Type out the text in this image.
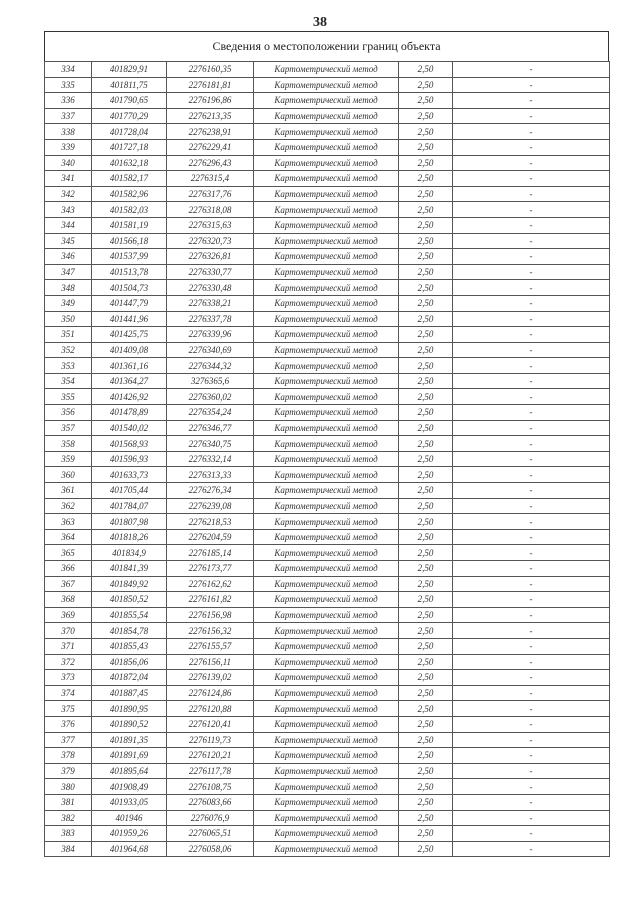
38
Сведения о местоположении границ объекта
334	401829,91	2276160,35	Картометрический метод	2,50	-
335	401811,75	2276181,81	Картометрический метод	2,50	-
336	401790,65	2276196,86	Картометрический метод	2,50	-
337	401770,29	2276213,35	Картометрический метод	2,50	-
338	401728,04	2276238,91	Картометрический метод	2,50	-
339	401727,18	2276229,41	Картометрический метод	2,50	-
340	401632,18	2276296,43	Картометрический метод	2,50	-
341	401582,17	2276315,4	Картометрический метод	2,50	-
342	401582,96	2276317,76	Картометрический метод	2,50	-
343	401582,03	2276318,08	Картометрический метод	2,50	-
344	401581,19	2276315,63	Картометрический метод	2,50	-
345	401566,18	2276320,73	Картометрический метод	2,50	-
346	401537,99	2276326,81	Картометрический метод	2,50	-
347	401513,78	2276330,77	Картометрический метод	2,50	-
348	401504,73	2276330,48	Картометрический метод	2,50	-
349	401447,79	2276338,21	Картометрический метод	2,50	-
350	401441,96	2276337,78	Картометрический метод	2,50	-
351	401425,75	2276339,96	Картометрический метод	2,50	-
352	401409,08	2276340,69	Картометрический метод	2,50	-
353	401361,16	2276344,32	Картометрический метод	2,50	-
354	401364,27	3276365,6	Картометрический метод	2,50	-
355	401426,92	2276360,02	Картометрический метод	2,50	-
356	401478,89	2276354,24	Картометрический метод	2,50	-
357	401540,02	2276346,77	Картометрический метод	2,50	-
358	401568,93	2276340,75	Картометрический метод	2,50	-
359	401596,93	2276332,14	Картометрический метод	2,50	-
360	401633,73	2276313,33	Картометрический метод	2,50	-
361	401705,44	2276276,34	Картометрический метод	2,50	-
362	401784,07	2276239,08	Картометрический метод	2,50	-
363	401807,98	2276218,53	Картометрический метод	2,50	-
364	401818,26	2276204,59	Картометрический метод	2,50	-
365	401834,9	2276185,14	Картометрический метод	2,50	-
366	401841,39	2276173,77	Картометрический метод	2,50	-
367	401849,92	2276162,62	Картометрический метод	2,50	-
368	401850,52	2276161,82	Картометрический метод	2,50	-
369	401855,54	2276156,98	Картометрический метод	2,50	-
370	401854,78	2276156,32	Картометрический метод	2,50	-
371	401855,43	2276155,57	Картометрический метод	2,50	-
372	401856,06	2276156,11	Картометрический метод	2,50	-
373	401872,04	2276139,02	Картометрический метод	2,50	-
374	401887,45	2276124,86	Картометрический метод	2,50	-
375	401890,95	2276120,88	Картометрический метод	2,50	-
376	401890,52	2276120,41	Картометрический метод	2,50	-
377	401891,35	2276119,73	Картометрический метод	2,50	-
378	401891,69	2276120,21	Картометрический метод	2,50	-
379	401895,64	2276117,78	Картометрический метод	2,50	-
380	401908,49	2276108,75	Картометрический метод	2,50	-
381	401933,05	2276083,66	Картометрический метод	2,50	-
382	401946	2276076,9	Картометрический метод	2,50	-
383	401959,26	2276065,51	Картометрический метод	2,50	-
384	401964,68	2276058,06	Картометрический метод	2,50	-
